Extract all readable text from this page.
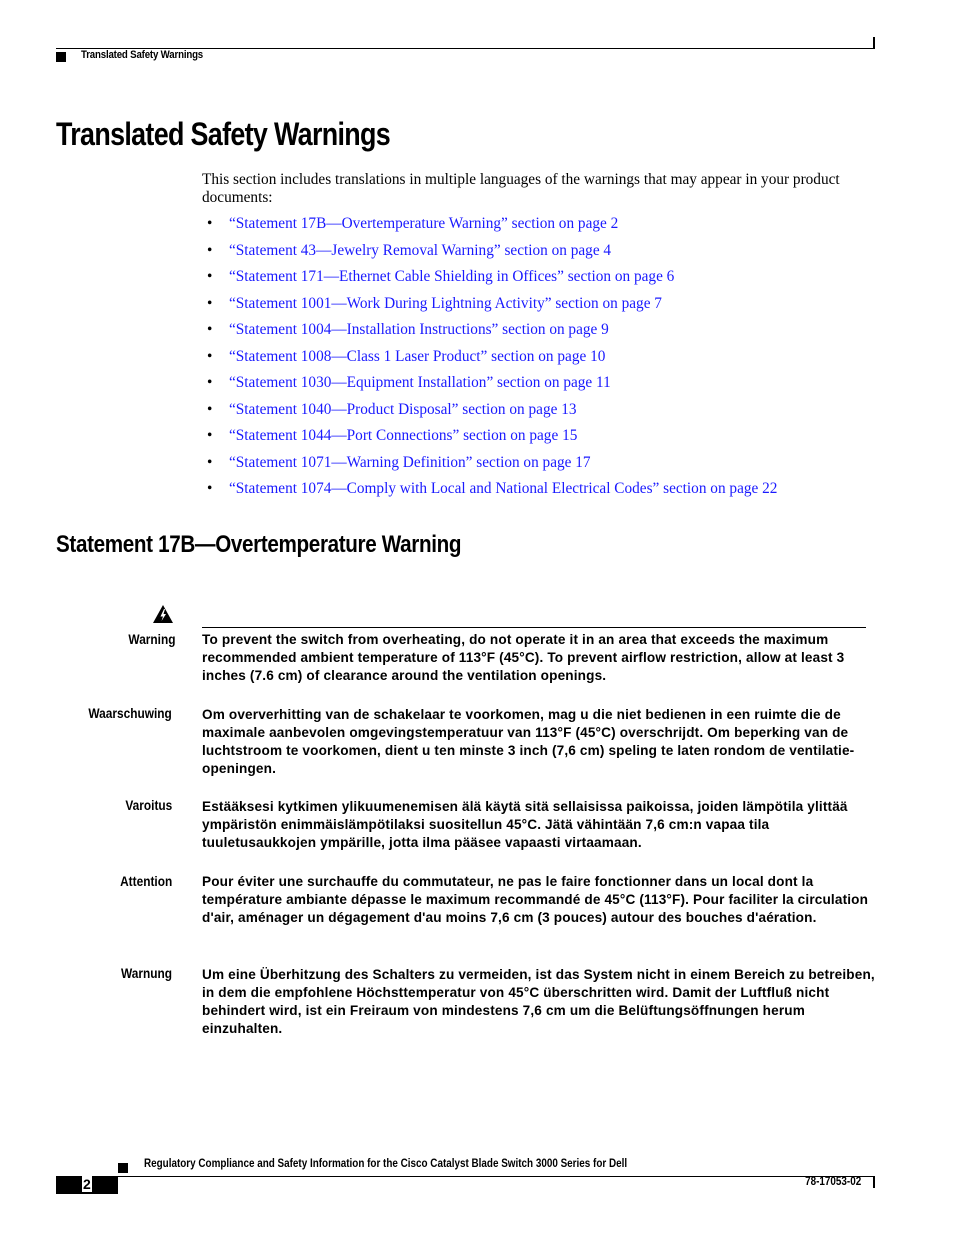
Translated Safety Warnings
Translated Safety Warnings

This section includes translations in multiple languages of the warnings that may appear in your product documents:

• “Statement 17B—Overtemperature Warning” section on page 2
• “Statement 43—Jewelry Removal Warning” section on page 4
• “Statement 171—Ethernet Cable Shielding in Offices” section on page 6
• “Statement 1001—Work During Lightning Activity” section on page 7
• “Statement 1004—Installation Instructions” section on page 9
• “Statement 1008—Class 1 Laser Product” section on page 10
• “Statement 1030—Equipment Installation” section on page 11
• “Statement 1040—Product Disposal” section on page 13
• “Statement 1044—Port Connections” section on page 15
• “Statement 1071—Warning Definition” section on page 17
• “Statement 1074—Comply with Local and National Electrical Codes” section on page 22
Statement 17B—Overtemperature Warning
Warning To prevent the switch from overheating, do not operate it in an area that exceeds the maximum recommended ambient temperature of 113°F (45°C). To prevent airflow restriction, allow at least 3 inches (7.6 cm) of clearance around the ventilation openings.

Waarschuwing Om oververhitting van de schakelaar te voorkomen, mag u die niet bedienen in een ruimte die de maximale aanbevolen omgevingstemperatuur van 113°F (45°C) overschrijdt. Om beperking van de luchtstroom te voorkomen, dient u ten minste 3 inch (7,6 cm) speling te laten rondom de ventilatie-openingen.

Varoitus Estääksesi kytkimen ylikuumenemisen älä käytä sitä sellaisissa paikoissa, joiden lämpötila ylittää ympäristön enimmäislämpötilaksi suositellun 45°C. Jätä vähintään 7,6 cm:n vapaa tila tuuletusaukkojen ympärille, jotta ilma pääsee vapaasti virtaamaan.

Attention Pour éviter une surchauffe du commutateur, ne pas le faire fonctionner dans un local dont la température ambiante dépasse le maximum recommandé de 45°C (113°F). Pour faciliter la circulation d'air, aménager un dégagement d'au moins 7,6 cm (3 pouces) autour des bouches d'aération.

Warnung Um eine Überhitzung des Schalters zu vermeiden, ist das System nicht in einem Bereich zu betreiben, in dem die empfohlene Höchsttemperatur von 45°C überschritten wird. Damit der Luftfluß nicht behindert wird, ist ein Freiraum von mindestens 7,6 cm um die Belüftungsöffnungen herum einzuhalten.

Regulatory Compliance and Safety Information for the Cisco Catalyst Blade Switch 3000 Series for Dell
2	78-17053-02
